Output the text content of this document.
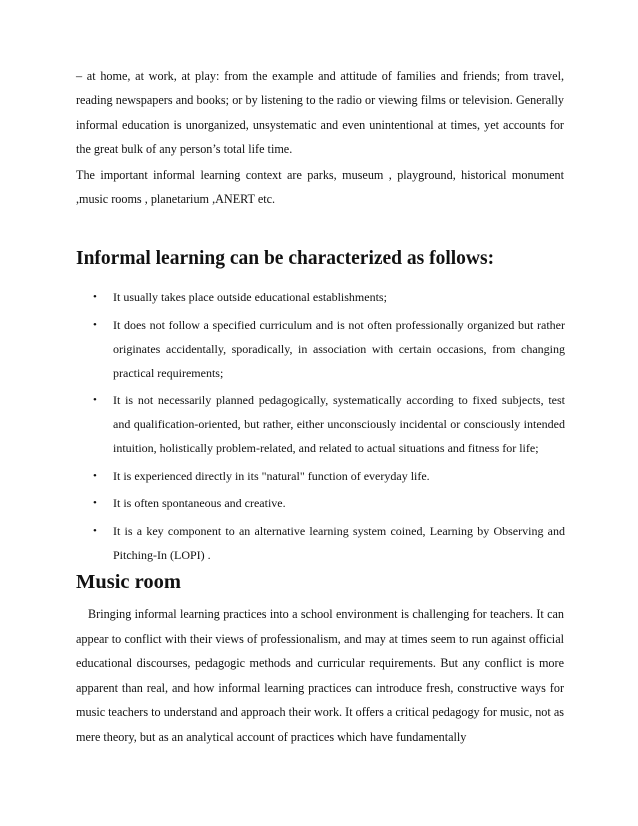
– at home, at work, at play: from the example and attitude of families and friends; from travel, reading newspapers and books; or by listening to the radio or viewing films or television. Generally informal education is unorganized, unsystematic and even unintentional at times, yet accounts for the great bulk of any person’s total life time.

The important informal learning context are parks, museum , playground, historical monument ,music rooms , planetarium ,ANERT etc.

Informal learning can be characterized as follows:
•	It usually takes place outside educational establishments;
•	It does not follow a specified curriculum and is not often professionally organized but rather originates accidentally, sporadically, in association with certain occasions, from changing practical requirements;
•	It is not necessarily planned pedagogically, systematically according to fixed subjects, test and qualification-oriented, but rather, either unconsciously incidental or consciously intended intuition, holistically problem-related, and related to actual situations and fitness for life;
•	It is experienced directly in its "natural" function of everyday life.
•	It is often spontaneous and creative.
•	It is a key component to an alternative learning system coined, Learning by Observing and Pitching-In (LOPI) .
Music room

Bringing informal learning practices into a school environment is challenging for teachers. It can appear to conflict with their views of professionalism, and may at times seem to run against official educational discourses, pedagogic methods and curricular requirements. But any conflict is more apparent than real, and how informal learning practices can introduce fresh, constructive ways for music teachers to understand and approach their work. It offers a critical pedagogy for music, not as mere theory, but as an analytical account of practices which have fundamentally
